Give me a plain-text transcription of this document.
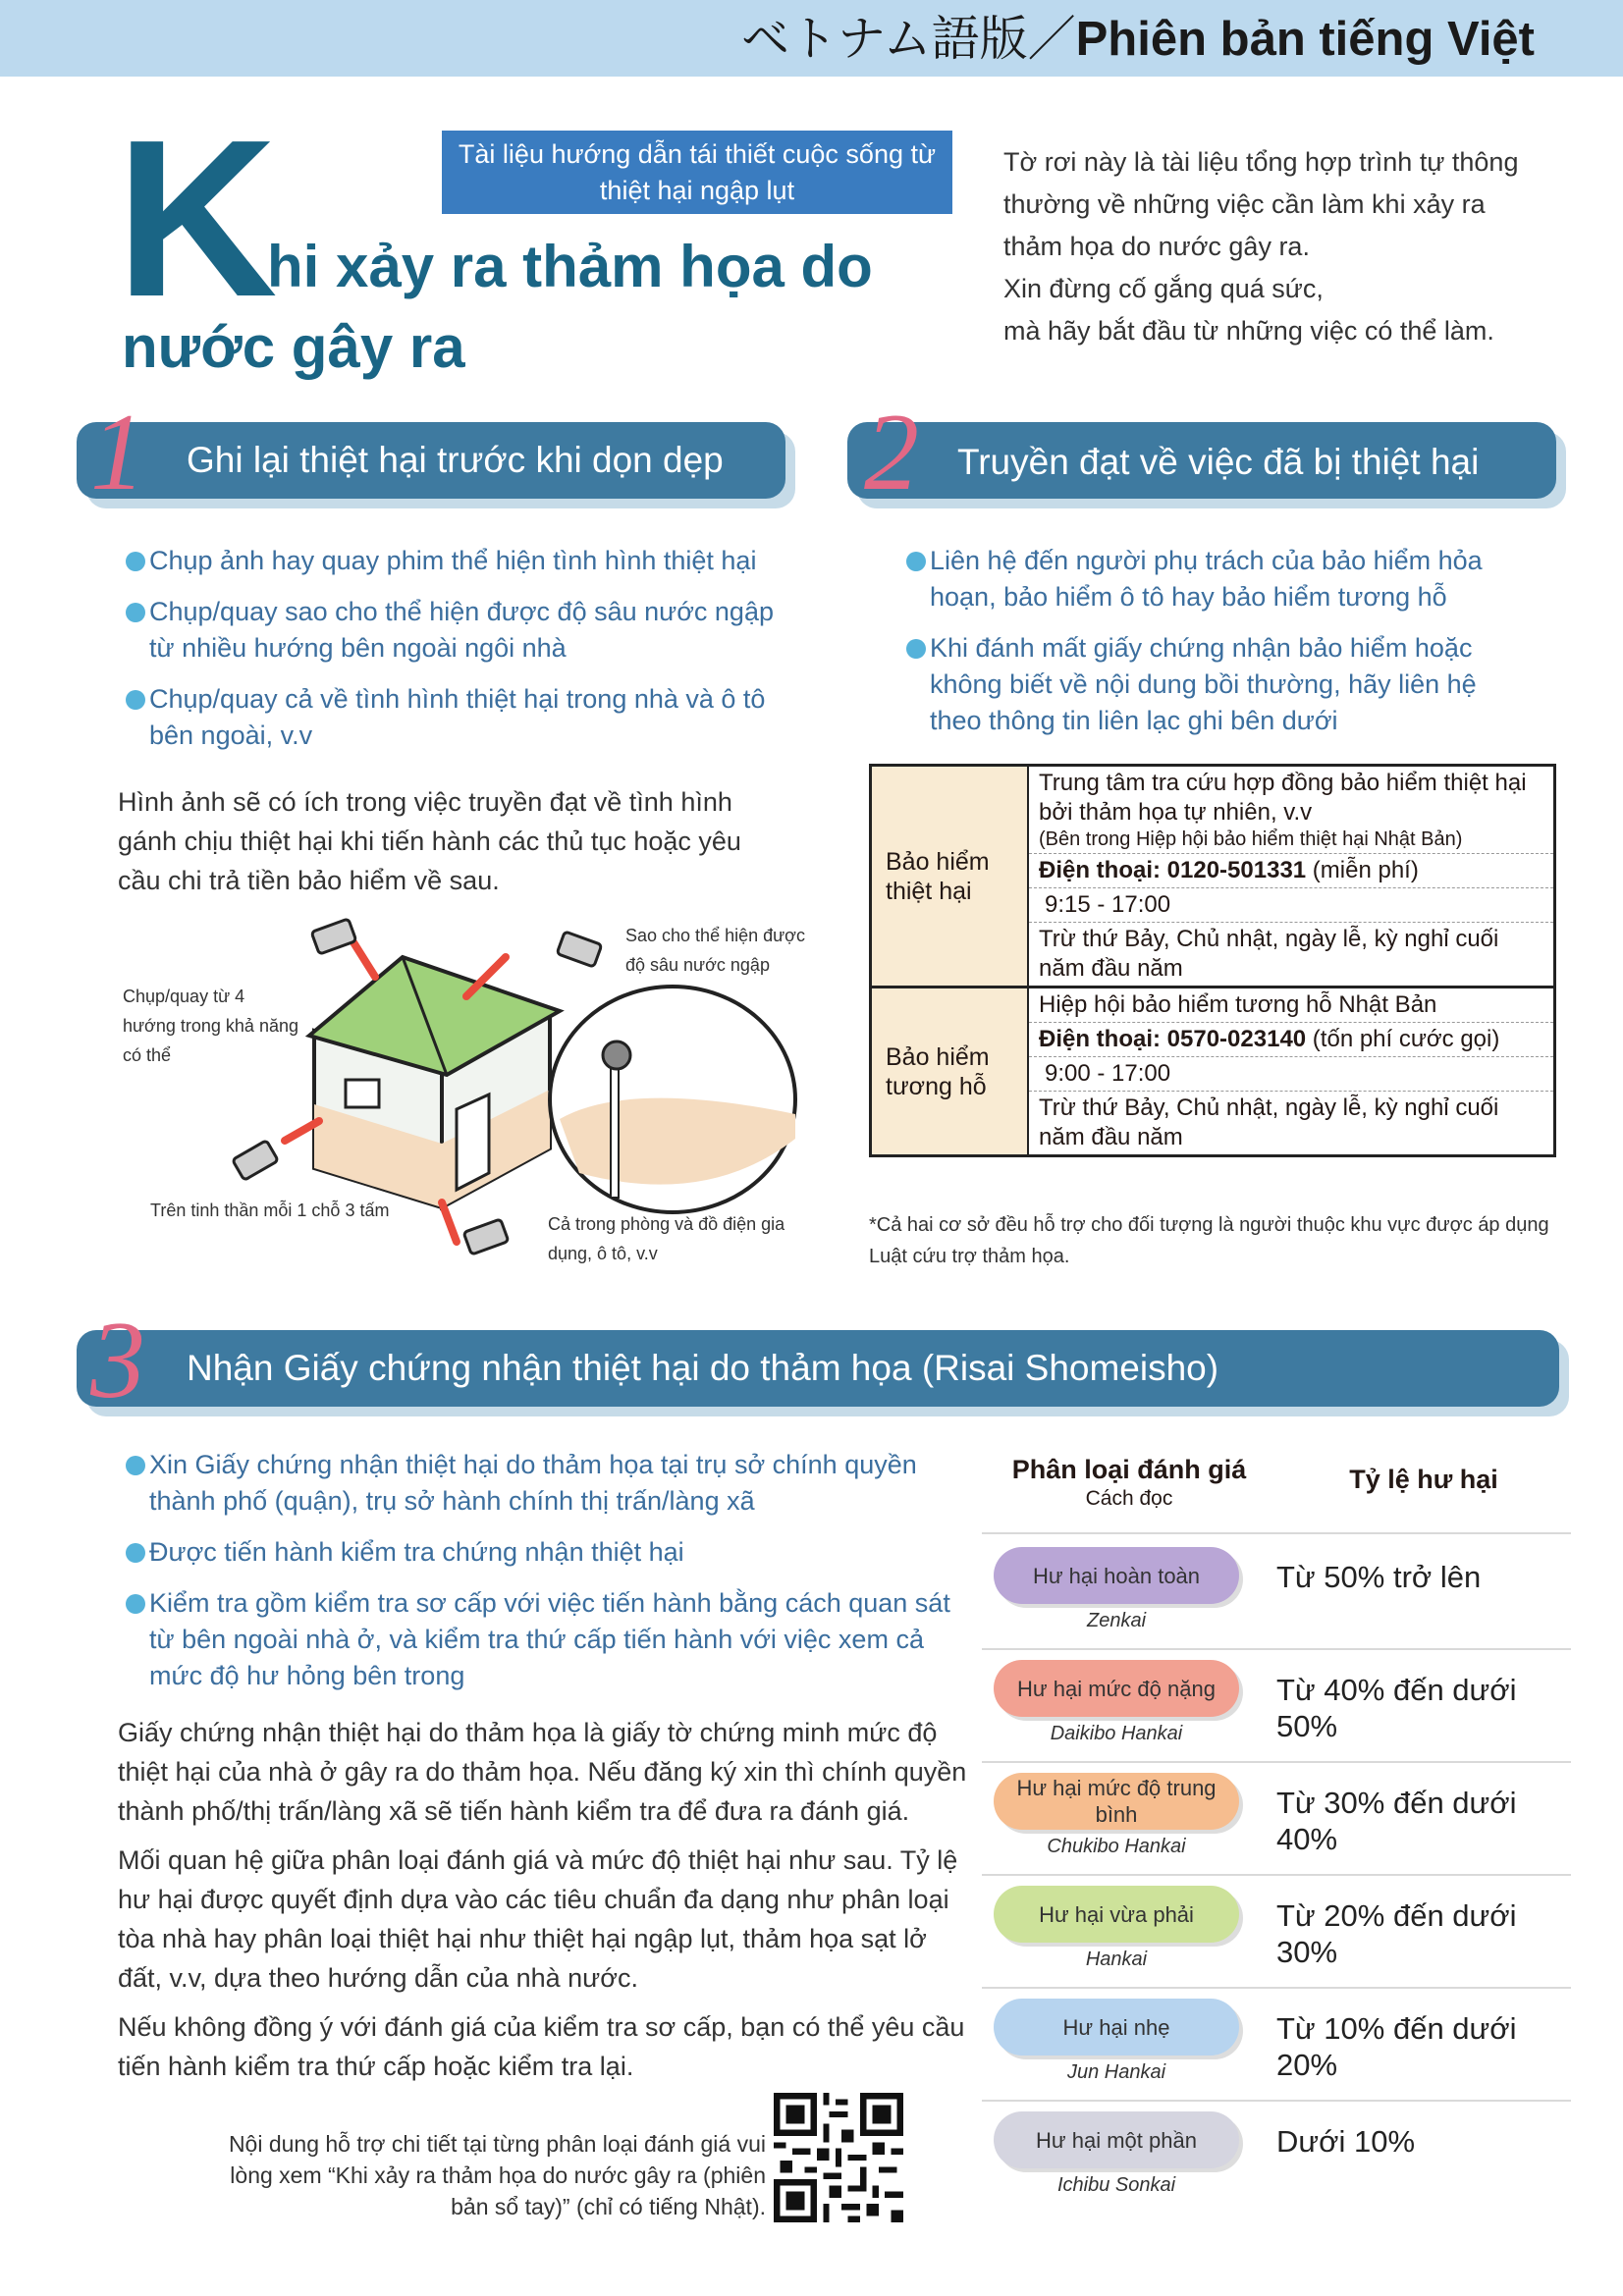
ベトナム語版／Phiên bản tiếng Việt
K	Tài liệu hướng dẫn tái thiết cuộc sống từ thiệt hại ngập lụt
hi xảy ra thảm họa do
nước gây ra
Tờ rơi này là tài liệu tổng hợp trình tự thông
thường về những việc cần làm khi xảy ra
thảm họa do nước gây ra.
Xin đừng cố gắng quá sức,
mà hãy bắt đầu từ những việc có thể làm.
1 Ghi lại thiệt hại trước khi dọn dẹp 2 Truyền đạt về việc đã bị thiệt hại
Chụp ảnh hay quay phim thể hiện tình hình thiệt hại
Chụp/quay sao cho thể hiện được độ sâu nước ngập từ nhiều hướng bên ngoài ngôi nhà
Chụp/quay cả về tình hình thiệt hại trong nhà và ô tô bên ngoài, v.v
Hình ảnh sẽ có ích trong việc truyền đạt về tình hình gánh chịu thiệt hại khi tiến hành các thủ tục hoặc yêu cầu chi trả tiền bảo hiểm về sau.
Chụp/quay từ 4 hướng trong khả năng có thể
Sao cho thể hiện được độ sâu nước ngập
Trên tinh thần mỗi 1 chỗ 3 tấm
Cả trong phòng và đồ điện gia dụng, ô tô, v.v
Liên hệ đến người phụ trách của bảo hiểm hỏa hoạn, bảo hiểm ô tô hay bảo hiểm tương hỗ
Khi đánh mất giấy chứng nhận bảo hiểm hoặc không biết về nội dung bồi thường, hãy liên hệ theo thông tin liên lạc ghi bên dưới
Bảo hiểm thiệt hại
Trung tâm tra cứu hợp đồng bảo hiểm thiệt hại bởi thảm họa tự nhiên, v.v
(Bên trong Hiệp hội bảo hiểm thiệt hại Nhật Bản)
Điện thoại: 0120-501331 (miễn phí)
9:15 - 17:00
Trừ thứ Bảy, Chủ nhật, ngày lễ, kỳ nghỉ cuối năm đầu năm
Bảo hiểm tương hỗ
Hiệp hội bảo hiểm tương hỗ Nhật Bản
Điện thoại: 0570-023140 (tốn phí cước gọi)
9:00 - 17:00
Trừ thứ Bảy, Chủ nhật, ngày lễ, kỳ nghỉ cuối năm đầu năm
*Cả hai cơ sở đều hỗ trợ cho đối tượng là người thuộc khu vực được áp dụng Luật cứu trợ thảm họa.
3 Nhận Giấy chứng nhận thiệt hại do thảm họa (Risai Shomeisho)
Xin Giấy chứng nhận thiệt hại do thảm họa tại trụ sở chính quyền thành phố (quận), trụ sở hành chính thị trấn/làng xã
Được tiến hành kiểm tra chứng nhận thiệt hại
Kiểm tra gồm kiểm tra sơ cấp với việc tiến hành bằng cách quan sát từ bên ngoài nhà ở, và kiểm tra thứ cấp tiến hành với việc xem cả mức độ hư hỏng bên trong
Giấy chứng nhận thiệt hại do thảm họa là giấy tờ chứng minh mức độ thiệt hại của nhà ở gây ra do thảm họa. Nếu đăng ký xin thì chính quyền thành phố/thị trấn/làng xã sẽ tiến hành kiểm tra để đưa ra đánh giá.
Mối quan hệ giữa phân loại đánh giá và mức độ thiệt hại như sau. Tỷ lệ hư hại được quyết định dựa vào các tiêu chuẩn đa dạng như phân loại tòa nhà hay phân loại thiệt hại như thiệt hại ngập lụt, thảm họa sạt lở đất, v.v, dựa theo hướng dẫn của nhà nước.
Nếu không đồng ý với đánh giá của kiểm tra sơ cấp, bạn có thể yêu cầu tiến hành kiểm tra thứ cấp hoặc kiểm tra lại.
Nội dung hỗ trợ chi tiết tại từng phân loại đánh giá vui lòng xem “Khi xảy ra thảm họa do nước gây ra (phiên bản sổ tay)” (chỉ có tiếng Nhật).
Phân loại đánh giá
Cách đọc
Tỷ lệ hư hại
Hư hại hoàn toàn
Zenkai
Từ 50% trở lên
Hư hại mức độ nặng
Daikibo Hankai
Từ 40% đến dưới 50%
Hư hại mức độ trung bình
Chukibo Hankai
Từ 30% đến dưới 40%
Hư hại vừa phải
Hankai
Từ 20% đến dưới 30%
Hư hại nhẹ
Jun Hankai
Từ 10% đến dưới 20%
Hư hại một phần
Ichibu Sonkai
Dưới 10%
